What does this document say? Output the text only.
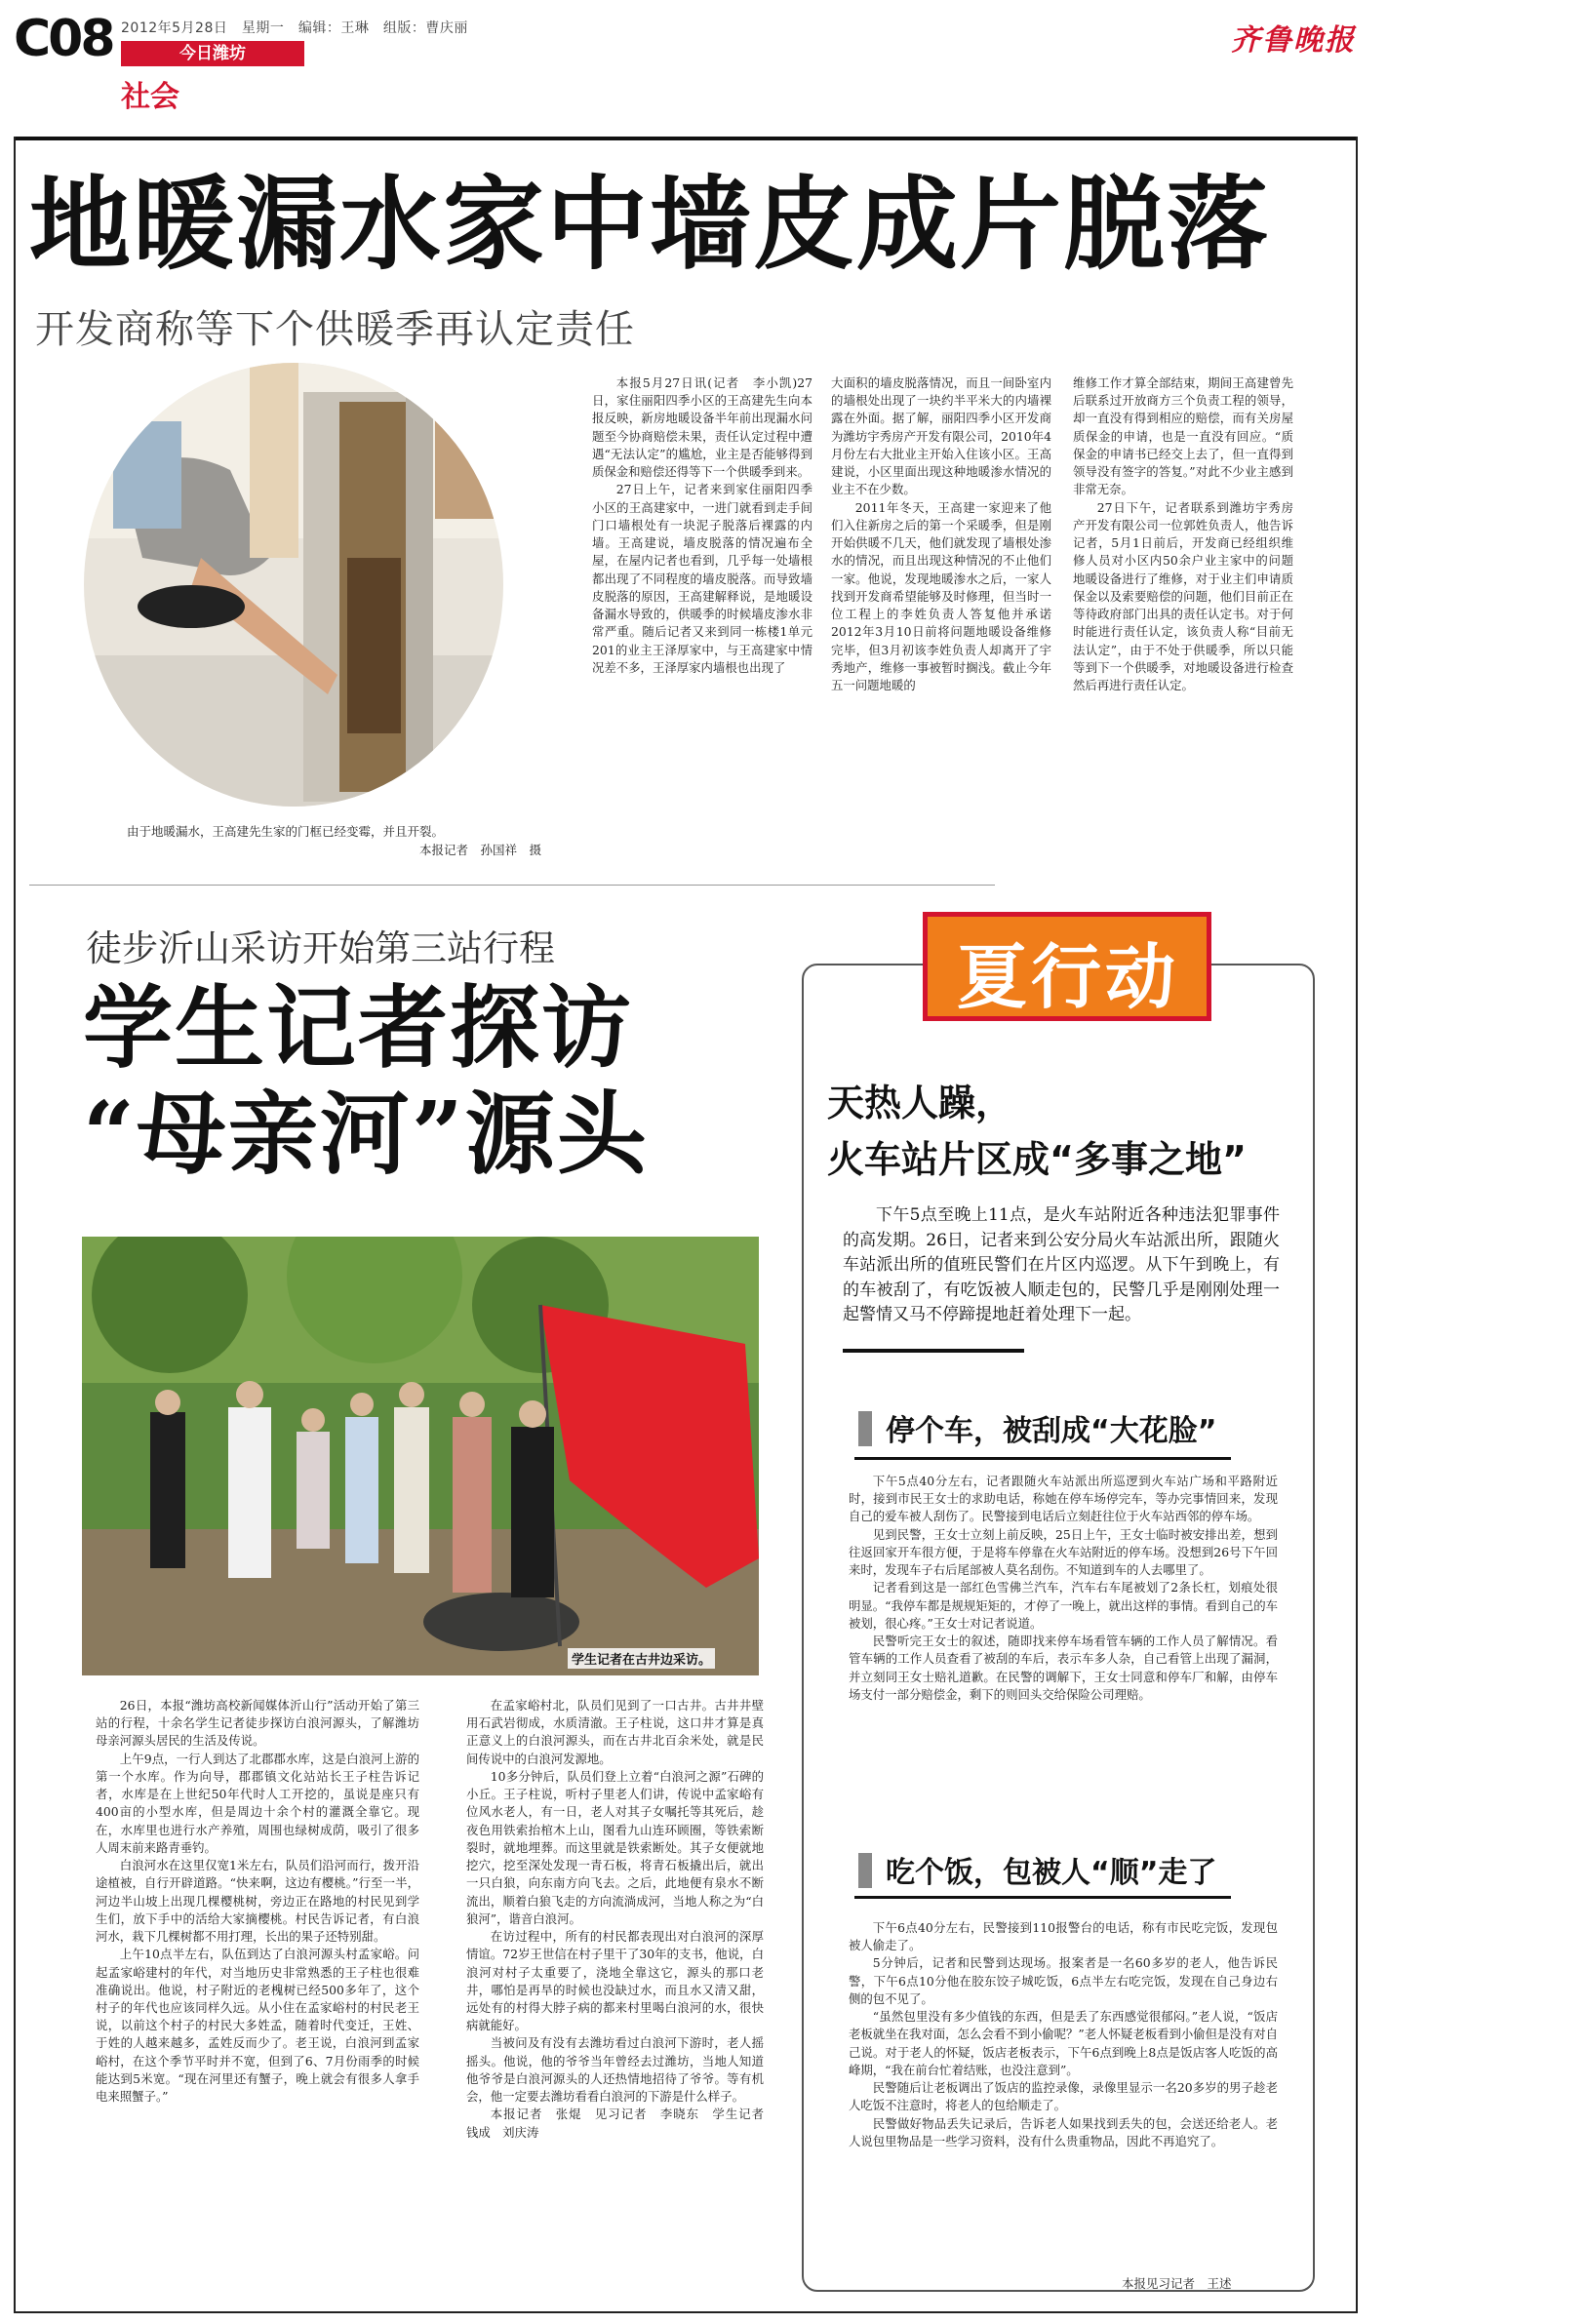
C08 2012年5月28日　星期一　编辑：王琳　组版：曹庆丽
今日潍坊
社会
齐鲁晚报
地暖漏水家中墙皮成片脱落
开发商称等下个供暖季再认定责任
由于地暖漏水，王高建先生家的门框已经变霉，并且开裂。
本报记者　孙国祥　摄

本报5月27日讯(记者　李小凯)27日，家住丽阳四季小区的王高建先生向本报反映，新房地暖设备半年前出现漏水问题至今协商赔偿未果，责任认定过程中遭遇“无法认定”的尴尬，业主是否能够得到质保金和赔偿还得等下一个供暖季到来。

27日上午，记者来到家住丽阳四季小区的王高建家中，一进门就看到走手间门口墙根处有一块泥子脱落后裸露的内墙。王高建说，墙皮脱落的情况遍布全屋，在屋内记者也看到，几乎每一处墙根都出现了不同程度的墙皮脱落。而导致墙皮脱落的原因，王高建解释说，是地暖设备漏水导致的，供暖季的时候墙皮渗水非常严重。随后记者又来到同一栋楼1单元201的业主王泽厚家中，与王高建家中情况差不多，王泽厚家内墙根也出现了

大面积的墙皮脱落情况，而且一间卧室内的墙根处出现了一块约半平米大的内墙裸露在外面。据了解，丽阳四季小区开发商为潍坊宇秀房产开发有限公司，2010年4月份左右大批业主开始入住该小区。王高建说，小区里面出现这种地暖渗水情况的业主不在少数。

2011年冬天，王高建一家迎来了他们入住新房之后的第一个采暖季，但是刚开始供暖不几天，他们就发现了墙根处渗水的情况，而且出现这种情况的不止他们一家。他说，发现地暖渗水之后，一家人找到开发商希望能够及时修理，但当时一位工程上的李姓负责人答复他并承诺2012年3月10日前将问题地暖设备维修完毕，但3月初该李姓负责人却离开了宇秀地产，维修一事被暂时搁浅。截止今年五一问题地暖的

维修工作才算全部结束，期间王高建曾先后联系过开放商方三个负责工程的领导，却一直没有得到相应的赔偿，而有关房屋质保金的申请，也是一直没有回应。“质保金的申请书已经交上去了，但一直得到领导没有签字的答复。”对此不少业主感到非常无奈。

27日下午，记者联系到潍坊宇秀房产开发有限公司一位郭姓负责人，他告诉记者，5月1日前后，开发商已经组织维修人员对小区内50余户业主家中的问题地暖设备进行了维修，对于业主们申请质保金以及索要赔偿的问题，他们目前正在等待政府部门出具的责任认定书。对于何时能进行责任认定，该负责人称“目前无法认定”，由于不处于供暖季，所以只能等到下一个供暖季，对地暖设备进行检查然后再进行责任认定。

徒步沂山采访开始第三站行程
学生记者探访
“母亲河”源头
学生记者在古井边采访。

26日，本报“潍坊高校新闻媒体沂山行”活动开始了第三站的行程，十余名学生记者徒步探访白浪河源头，了解潍坊母亲河源头居民的生活及传说。

上午9点，一行人到达了北郡郡水库，这是白浪河上游的第一个水库。作为向导，郡郡镇文化站站长王子柱告诉记者，水库是在上世纪50年代时人工开挖的，虽说是座只有400亩的小型水库，但是周边十余个村的灌溉全靠它。现在，水库里也进行水产养殖，周围也绿树成荫，吸引了很多人周末前来路青垂钓。

白浪河水在这里仅宽1米左右，队员们沿河而行，拨开沿途植被，自行开辟道路。“快来啊，这边有樱桃。”行至一半，河边半山坡上出现几棵樱桃树，旁边正在路地的村民见到学生们，放下手中的活给大家摘樱桃。村民告诉记者，有白浪河水，栽下几棵树都不用打理，长出的果子还特别甜。

上午10点半左右，队伍到达了白浪河源头村孟家峪。问起孟家峪建村的年代，对当地历史非常熟悉的王子柱也很难准确说出。他说，村子附近的老槐树已经500多年了，这个村子的年代也应该同样久远。从小住在孟家峪村的村民老王说，以前这个村子的村民大多姓孟，随着时代变迁，王姓、于姓的人越来越多，孟姓反而少了。老王说，白浪河到孟家峪村，在这个季节平时并不宽，但到了6、7月份雨季的时候能达到5米宽。“现在河里还有蟹子，晚上就会有很多人拿手电来照蟹子。”

在孟家峪村北，队员们见到了一口古井。古井井壁用石武岩彻成，水质清澈。王子柱说，这口井才算是真正意义上的白浪河源头，而在古井北百余米处，就是民间传说中的白浪河发源地。

10多分钟后，队员们登上立着“白浪河之源”石碑的小丘。王子柱说，听村子里老人们讲，传说中孟家峪有位风水老人，有一日，老人对其子女嘱托等其死后，趁夜色用铁索抬棺木上山，图看九山连环顾圈，等铁索断裂时，就地埋葬。而这里就是铁索断处。其子女便就地挖穴，挖至深处发现一青石板，将青石板撬出后，就出一只白狼，向东南方向飞去。之后，此地便有泉水不断流出，顺着白狼飞走的方向流淌成河，当地人称之为“白狼河”，谐音白浪河。

在访过程中，所有的村民都表现出对白浪河的深厚情谊。72岁王世信在村子里干了30年的支书，他说，白浪河对村子太重要了，浇地全靠这它，源头的那口老井，哪怕是再旱的时候也没缺过水，而且水又清又甜，远处有的村得大脖子病的都来村里喝白浪河的水，很快病就能好。

当被问及有没有去潍坊看过白浪河下游时，老人摇摇头。他说，他的爷爷当年曾经去过潍坊，当地人知道他爷爷是白浪河源头的人还热情地招待了爷爷。等有机会，他一定要去潍坊看看白浪河的下游是什么样子。

本报记者　张焜　见习记者　李晓东　学生记者　钱成　刘庆涛

夏行动
天热人躁，
火车站片区成“多事之地”

下午5点至晚上11点，是火车站附近各种违法犯罪事件的高发期。26日，记者来到公安分局火车站派出所，跟随火车站派出所的值班民警们在片区内巡逻。从下午到晚上，有的车被刮了，有吃饭被人顺走包的，民警几乎是刚刚处理一起警情又马不停蹄提地赶着处理下一起。

停个车，被刮成“大花脸”

下午5点40分左右，记者跟随火车站派出所巡逻到火车站广场和平路附近时，接到市民王女士的求助电话，称她在停车场停完车，等办完事情回来，发现自己的爱车被人刮伤了。民警接到电话后立刻赶往位于火车站西邻的停车场。

见到民警，王女士立刻上前反映，25日上午，王女士临时被安排出差，想到往返回家开车很方便，于是将车停靠在火车站附近的停车场。没想到26号下午回来时，发现车子右后尾部被人莫名刮伤。不知道到车的人去哪里了。

记者看到这是一部红色雪佛兰汽车，汽车右车尾被划了2条长杠，划痕处很明显。“我停车都是规规矩矩的，才停了一晚上，就出这样的事情。看到自己的车被划，很心疼。”王女士对记者说道。

民警听完王女士的叙述，随即找来停车场看管车辆的工作人员了解情况。看管车辆的工作人员查看了被刮的车后，表示车多人杂，自己看管上出现了漏洞，并立刻同王女士赔礼道歉。在民警的调解下，王女士同意和停车厂和解，由停车场支付一部分赔偿金，剩下的则回头交给保险公司理赔。

吃个饭，包被人“顺”走了

下午6点40分左右，民警接到110报警台的电话，称有市民吃完饭，发现包被人偷走了。

5分钟后，记者和民警到达现场。报案者是一名60多岁的老人，他告诉民警，下午6点10分他在胶东饺子城吃饭，6点半左右吃完饭，发现在自己身边右侧的包不见了。

“虽然包里没有多少值钱的东西，但是丢了东西感觉很郁闷。”老人说，“饭店老板就坐在我对面，怎么会看不到小偷呢？”老人怀疑老板看到小偷但是没有对自己说。对于老人的怀疑，饭店老板表示，下午6点到晚上8点是饭店客人吃饭的高峰期，“我在前台忙着结账，也没注意到”。

民警随后让老板调出了饭店的监控录像，录像里显示一名20多岁的男子趁老人吃饭不注意时，将老人的包给顺走了。

民警做好物品丢失记录后，告诉老人如果找到丢失的包，会送还给老人。老人说包里物品是一些学习资料，没有什么贵重物品，因此不再追究了。

本报见习记者　王述
